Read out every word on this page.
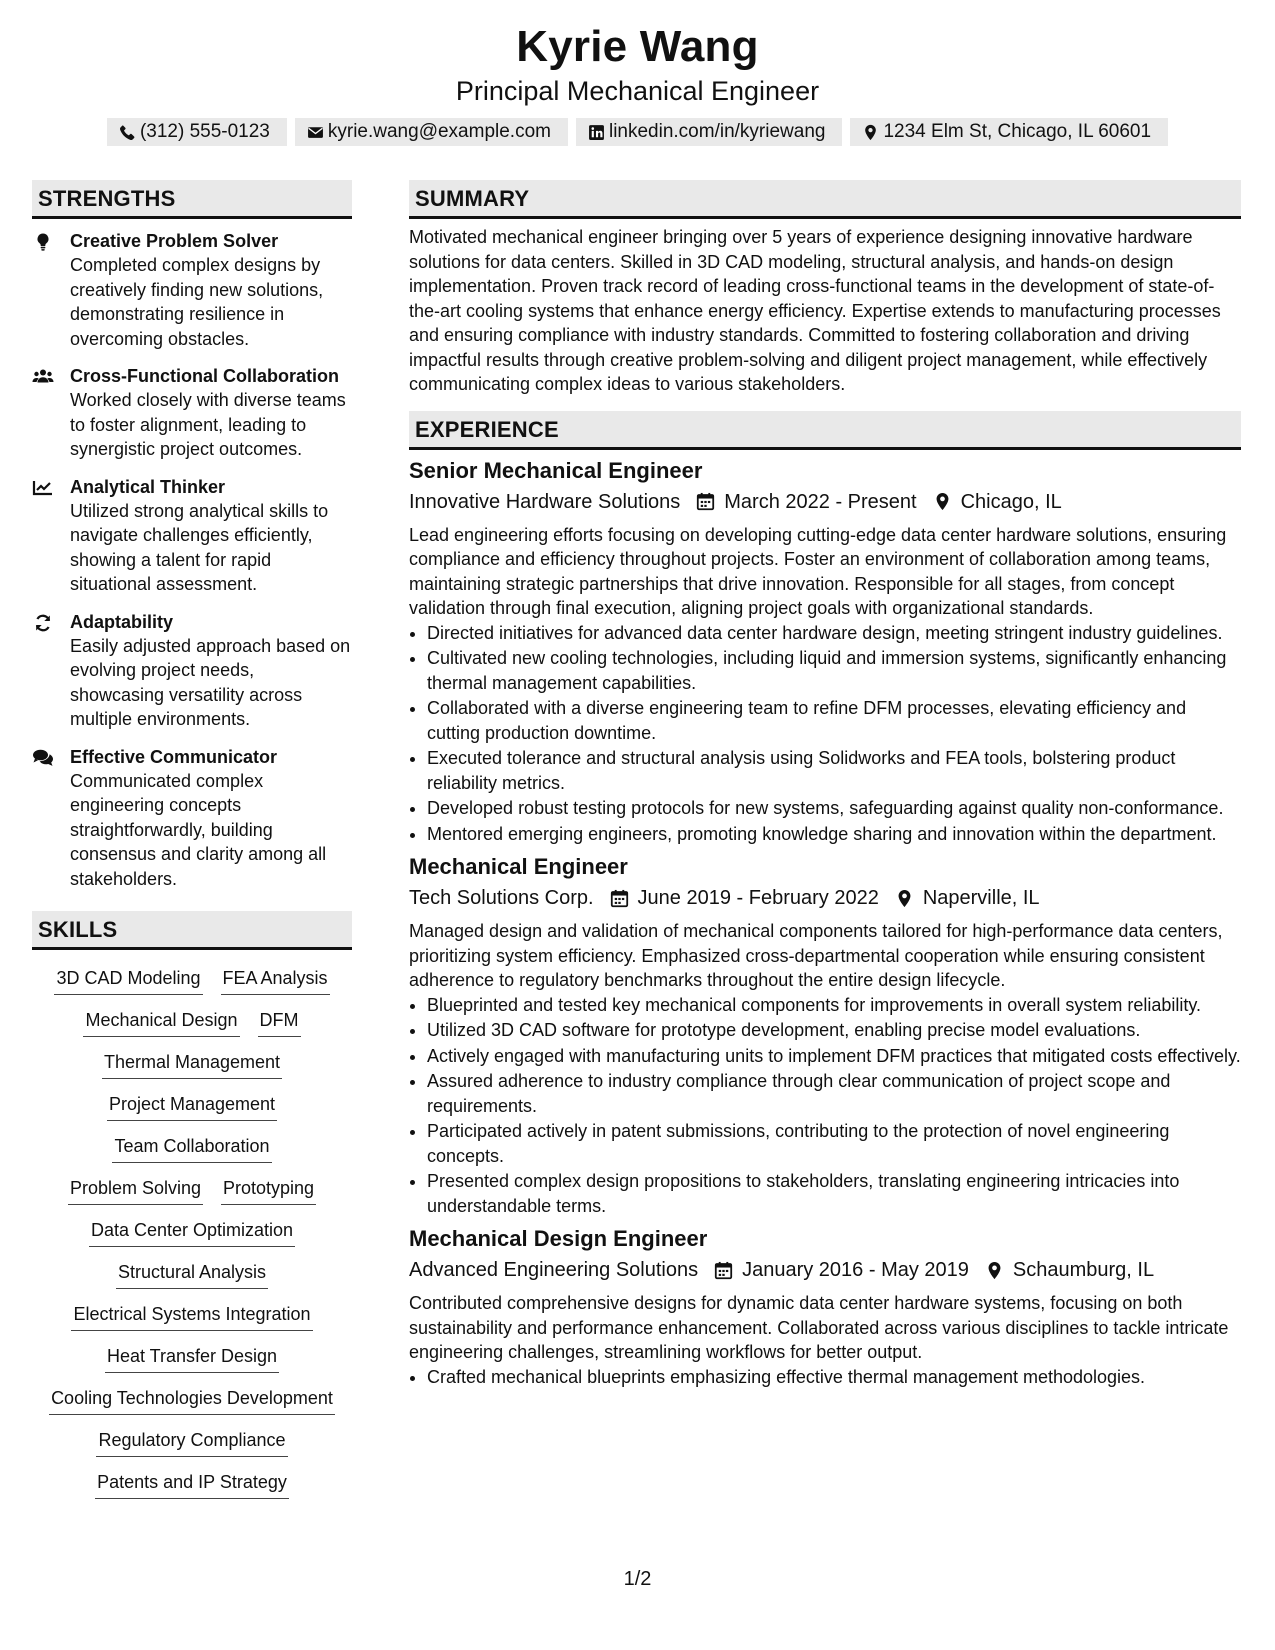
Kyrie Wang
Principal Mechanical Engineer
(312) 555-0123	kyrie.wang@example.com	linkedin.com/in/kyriewang	1234 Elm St, Chicago, IL 60601
STRENGTHS
Creative Problem Solver
Completed complex designs by creatively finding new solutions, demonstrating resilience in overcoming obstacles.
Cross-Functional Collaboration
Worked closely with diverse teams to foster alignment, leading to synergistic project outcomes.
Analytical Thinker
Utilized strong analytical skills to navigate challenges efficiently, showing a talent for rapid situational assessment.
Adaptability
Easily adjusted approach based on evolving project needs, showcasing versatility across multiple environments.
Effective Communicator
Communicated complex engineering concepts straightforwardly, building consensus and clarity among all stakeholders.
SKILLS
3D CAD Modeling FEA Analysis
Mechanical Design DFM
Thermal Management
Project Management
Team Collaboration
Problem Solving Prototyping
Data Center Optimization
Structural Analysis
Electrical Systems Integration
Heat Transfer Design
Cooling Technologies Development
Regulatory Compliance
Patents and IP Strategy
SUMMARY
Motivated mechanical engineer bringing over 5 years of experience designing innovative hardware solutions for data centers. Skilled in 3D CAD modeling, structural analysis, and hands-on design implementation. Proven track record of leading cross-functional teams in the development of state-of-the-art cooling systems that enhance energy efficiency. Expertise extends to manufacturing processes and ensuring compliance with industry standards. Committed to fostering collaboration and driving impactful results through creative problem-solving and diligent project management, while effectively communicating complex ideas to various stakeholders.
EXPERIENCE
Senior Mechanical Engineer
Innovative Hardware Solutions March 2022 - Present Chicago, IL
Lead engineering efforts focusing on developing cutting-edge data center hardware solutions, ensuring compliance and efficiency throughout projects. Foster an environment of collaboration among teams, maintaining strategic partnerships that drive innovation. Responsible for all stages, from concept validation through final execution, aligning project goals with organizational standards.
• Directed initiatives for advanced data center hardware design, meeting stringent industry guidelines.
• Cultivated new cooling technologies, including liquid and immersion systems, significantly enhancing thermal management capabilities.
• Collaborated with a diverse engineering team to refine DFM processes, elevating efficiency and cutting production downtime.
• Executed tolerance and structural analysis using Solidworks and FEA tools, bolstering product reliability metrics.
• Developed robust testing protocols for new systems, safeguarding against quality non-conformance.
• Mentored emerging engineers, promoting knowledge sharing and innovation within the department.
Mechanical Engineer
Tech Solutions Corp. June 2019 - February 2022 Naperville, IL
Managed design and validation of mechanical components tailored for high-performance data centers, prioritizing system efficiency. Emphasized cross-departmental cooperation while ensuring consistent adherence to regulatory benchmarks throughout the entire design lifecycle.
• Blueprinted and tested key mechanical components for improvements in overall system reliability.
• Utilized 3D CAD software for prototype development, enabling precise model evaluations.
• Actively engaged with manufacturing units to implement DFM practices that mitigated costs effectively.
• Assured adherence to industry compliance through clear communication of project scope and requirements.
• Participated actively in patent submissions, contributing to the protection of novel engineering concepts.
• Presented complex design propositions to stakeholders, translating engineering intricacies into understandable terms.
Mechanical Design Engineer
Advanced Engineering Solutions January 2016 - May 2019 Schaumburg, IL
Contributed comprehensive designs for dynamic data center hardware systems, focusing on both sustainability and performance enhancement. Collaborated across various disciplines to tackle intricate engineering challenges, streamlining workflows for better output.
• Crafted mechanical blueprints emphasizing effective thermal management methodologies.
1/2
